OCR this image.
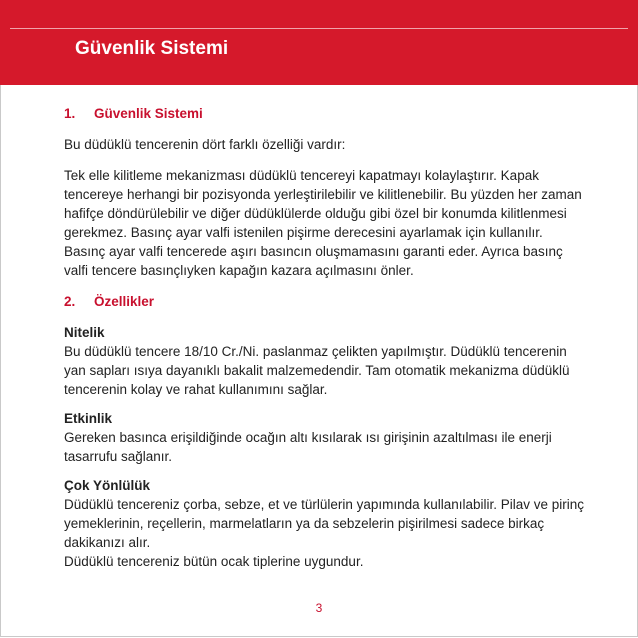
Güvenlik Sistemi

1. Güvenlik Sistemi

Bu düdüklü tencerenin dört farklı özelliği vardır:

Tek elle kilitleme mekanizması düdüklü tencereyi kapatmayı kolaylaştırır. Kapak tencereye herhangi bir pozisyonda yerleştirilebilir ve kilitlenebilir. Bu yüzden her zaman hafifçe döndürülebilir ve diğer düdüklülerde olduğu gibi özel bir konumda kilitlenmesi gerekmez. Basınç ayar valfi istenilen pişirme derecesini ayarlamak için kullanılır. Basınç ayar valfi tencerede aşırı basıncın oluşmamasını garanti eder. Ayrıca basınç valfi tencere basınçlıyken kapağın kazara açılmasını önler.

2. Özellikler

Nitelik

Bu düdüklü tencere 18/10 Cr./Ni. paslanmaz çelikten yapılmıştır. Düdüklü tencerenin yan sapları ısıya dayanıklı bakalit malzemedendir. Tam otomatik mekanizma düdüklü tencerenin kolay ve rahat kullanımını sağlar.

Etkinlik

Gereken basınca erişildiğinde ocağın altı kısılarak ısı girişinin azaltılması ile enerji tasarrufu sağlanır.

Çok Yönlülük

Düdüklü tencereniz çorba, sebze, et ve türlülerin yapımında kullanılabilir. Pilav ve pirinç yemeklerinin, reçellerin, marmelatların ya da sebzelerin pişirilmesi sadece birkaç dakikanızı alır.

Düdüklü tencereniz bütün ocak tiplerine uygundur.

3
